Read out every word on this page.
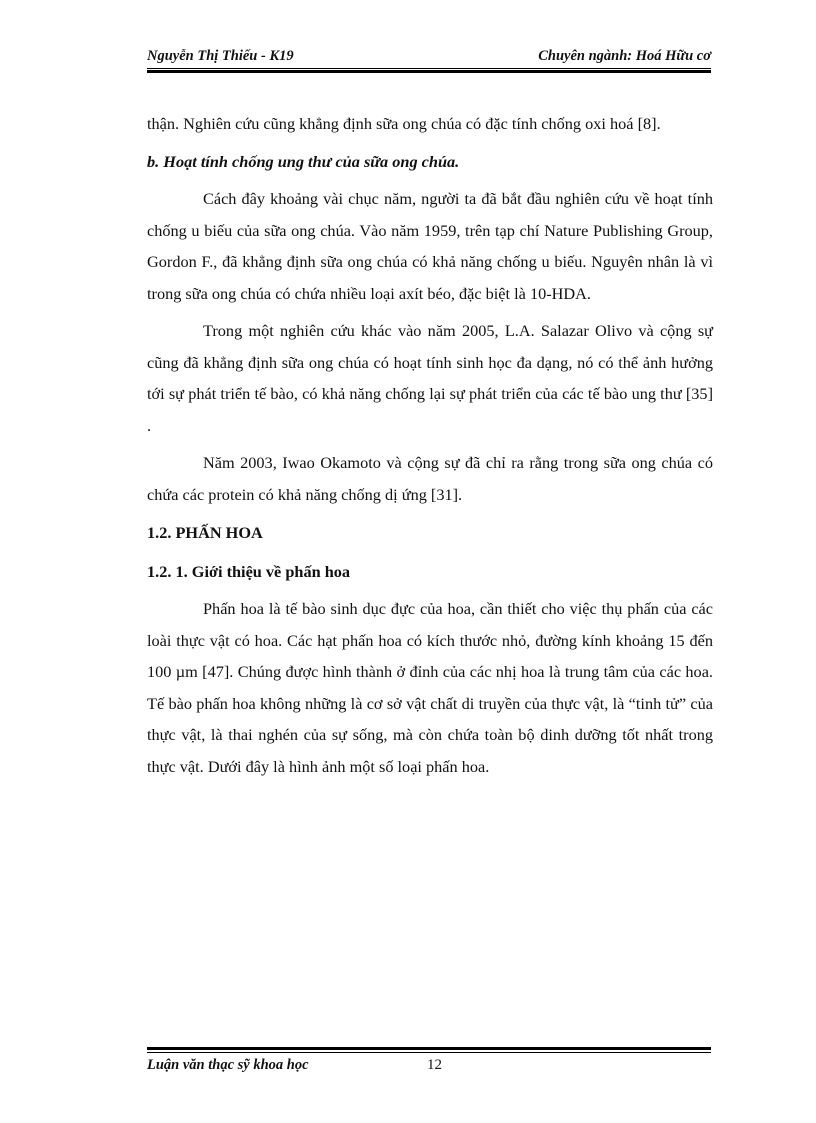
Nguyễn Thị Thiếu - K19	Chuyên ngành: Hoá Hữu cơ

thận. Nghiên cứu cũng khẳng định sữa ong chúa có đặc tính chống oxi hoá [8].

b. Hoạt tính chống ung thư của sữa ong chúa.

Cách đây khoảng vài chục năm, người ta đã bắt đầu nghiên cứu về hoạt tính chống u biếu của sữa ong chúa. Vào năm 1959, trên tạp chí Nature Publishing Group, Gordon F., đã khẳng định sữa ong chúa có khả năng chống u biếu. Nguyên nhân là vì trong sữa ong chúa có chứa nhiều loại axít béo, đặc biệt là 10-HDA.

Trong một nghiên cứu khác vào năm 2005, L.A. Salazar Olivo và cộng sự cũng đã khẳng định sữa ong chúa có hoạt tính sinh học đa dạng, nó có thể ảnh hưởng tới sự phát triển tế bào, có khả năng chống lại sự phát triển của các tế bào ung thư [35] .

Năm 2003, Iwao Okamoto và cộng sự đã chỉ ra rằng trong sữa ong chúa có chứa các protein có khả năng chống dị ứng [31].

1.2. PHẤN HOA

1.2. 1. Giới thiệu về phấn hoa

Phấn hoa là tế bào sinh dục đực của hoa, cần thiết cho việc thụ phấn của các loài thực vật có hoa. Các hạt phấn hoa có kích thước nhỏ, đường kính khoảng 15 đến 100 µm [47]. Chúng được hình thành ở đỉnh của các nhị hoa là trung tâm của các hoa. Tế bào phấn hoa không những là cơ sở vật chất di truyền của thực vật, là “tinh tử” của thực vật, là thai nghén của sự sống, mà còn chứa toàn bộ dinh dưỡng tốt nhất trong thực vật. Dưới đây là hình ảnh một số loại phấn hoa.

Luận văn thạc sỹ khoa học	12
